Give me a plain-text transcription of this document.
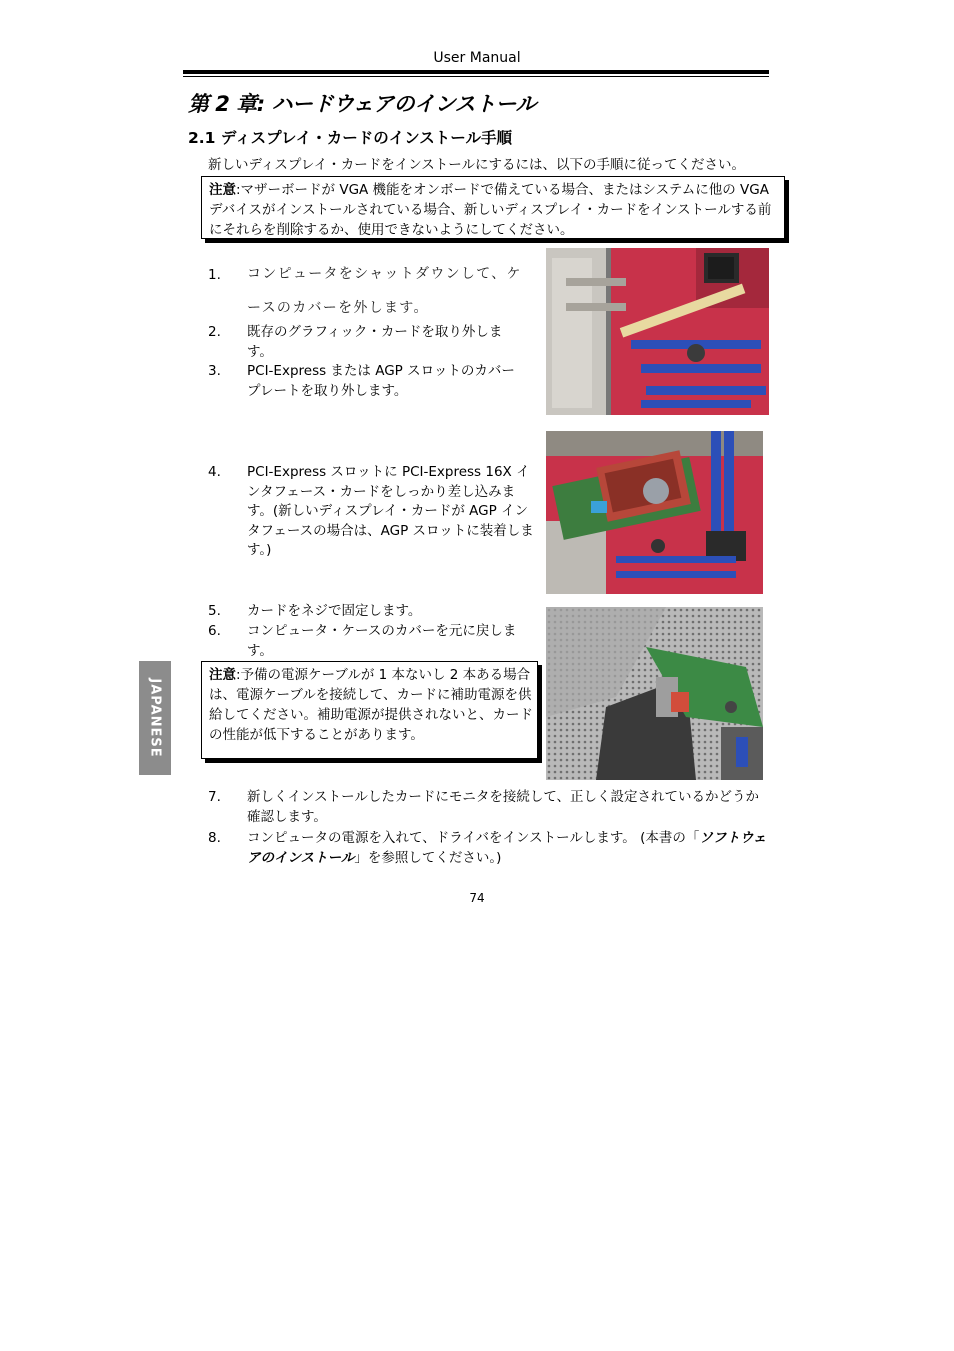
User Manual
第 2 章: ハードウェアのインストール
2.1 ディスプレイ・カードのインストール手順
新しいディスプレイ・カードをインストールにするには、以下の手順に従ってください。
注意:マザーボードが VGA 機能をオンボードで備えている場合、またはシステムに他の VGA デバイスがインストールされている場合、新しいディスプレイ・カードをインストールする前にそれらを削除するか、使用できないようにしてください。
1. コンピュータをシャットダウンして、ケースのカバーを外します。
2. 既存のグラフィック・カードを取り外します。
3. PCI-Express または AGP スロットのカバープレートを取り外します。
4. PCI-Express スロットに PCI-Express 16X インタフェース・カードをしっかり差し込みます。(新しいディスプレイ・カードが AGP インタフェースの場合は、AGP スロットに装着します。)
5. カードをネジで固定します。
6. コンピュータ・ケースのカバーを元に戻します。
JAPANESE
注意:予備の電源ケーブルが 1 本ないし 2 本ある場合は、電源ケーブルを接続して、カードに補助電源を供給してください。補助電源が提供されないと、カードの性能が低下することがあります。
7. 新しくインストールしたカードにモニタを接続して、正しく設定されているかどうか確認します。
8. コンピュータの電源を入れて、ドライバをインストールします。 (本書の「ソフトウェアのインストール」を参照してください。)
74
